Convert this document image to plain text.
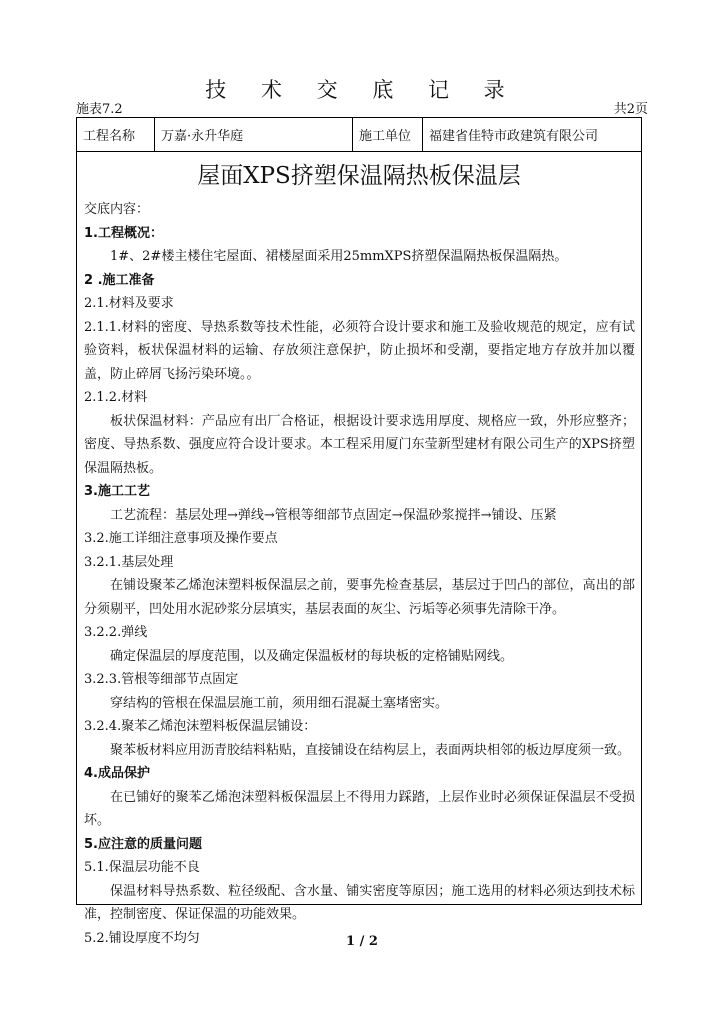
技 术 交 底 记 录
施表7.2	共2页
工程名称	万嘉·永升华庭	施工单位	福建省佳特市政建筑有限公司
屋面XPS挤塑保温隔热板保温层
交底内容：
1.工程概况：
1#、2#楼主楼住宅屋面、裙楼屋面采用25mmXPS挤塑保温隔热板保温隔热。
2 .施工准备
2.1.材料及要求
2.1.1.材料的密度、导热系数等技术性能，必须符合设计要求和施工及验收规范的规定，应有试验资料，板状保温材料的运输、存放须注意保护，防止损坏和受潮，要指定地方存放并加以覆盖，防止碎屑飞扬污染环境。。
2.1.2.材料
板状保温材料：产品应有出厂合格证，根据设计要求选用厚度、规格应一致，外形应整齐；密度、导热系数、强度应符合设计要求。本工程采用厦门东莹新型建材有限公司生产的XPS挤塑保温隔热板。
3.施工工艺
工艺流程：基层处理→弹线→管根等细部节点固定→保温砂浆搅拌→铺设、压紧
3.2.施工详细注意事项及操作要点
3.2.1.基层处理
在铺设聚苯乙烯泡沫塑料板保温层之前，要事先检查基层，基层过于凹凸的部位，高出的部分须剔平，凹处用水泥砂浆分层填实，基层表面的灰尘、污垢等必须事先清除干净。
3.2.2.弹线
确定保温层的厚度范围，以及确定保温板材的每块板的定格铺贴网线。
3.2.3.管根等细部节点固定
穿结构的管根在保温层施工前，须用细石混凝土塞堵密实。
3.2.4.聚苯乙烯泡沫塑料板保温层铺设：
聚苯板材料应用沥青胶结料粘贴，直接铺设在结构层上，表面两块相邻的板边厚度须一致。
4.成品保护
在已铺好的聚苯乙烯泡沫塑料板保温层上不得用力踩踏，上层作业时必须保证保温层不受损坏。
5.应注意的质量问题
5.1.保温层功能不良
保温材料导热系数、粒径级配、含水量、铺实密度等原因；施工选用的材料必须达到技术标准，控制密度、保证保温的功能效果。
5.2.铺设厚度不均匀	1 / 2
